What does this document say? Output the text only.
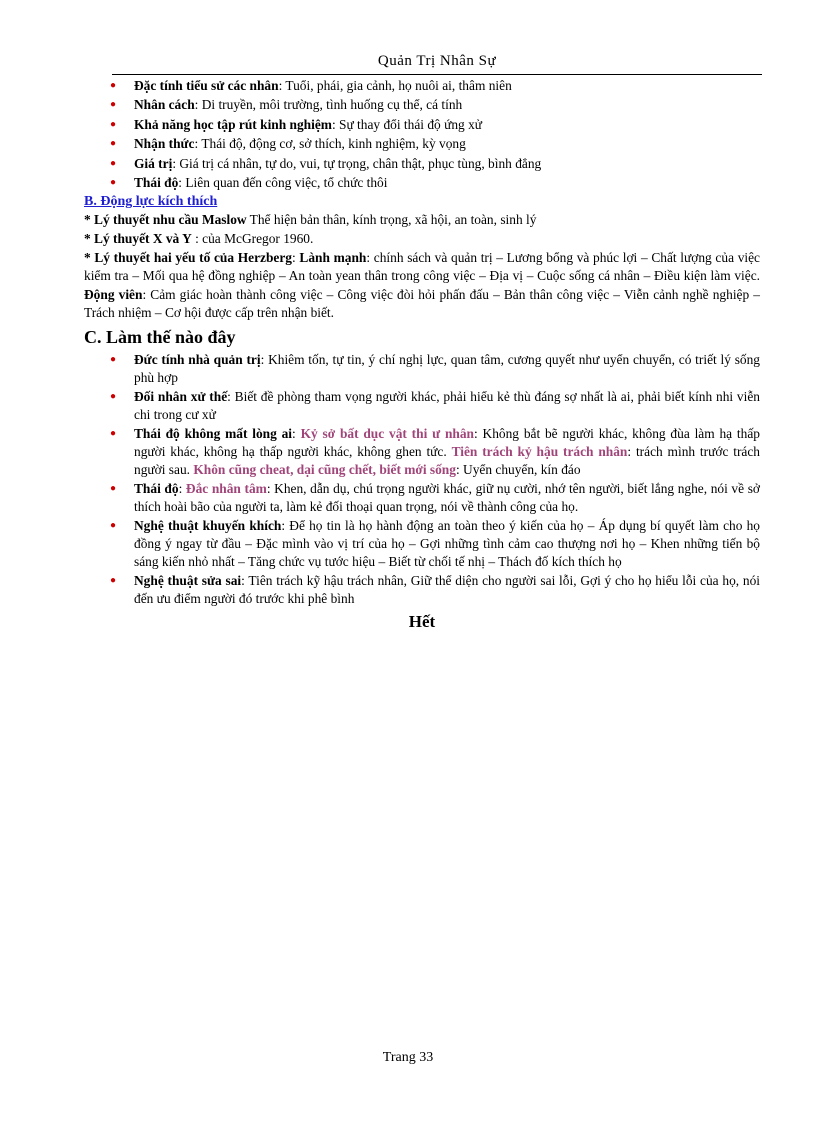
Quản Trị Nhân Sự
● Đặc tính tiểu sử các nhân: Tuổi, phái, gia cảnh, họ nuôi ai, thâm niên
● Nhân cách: Di truyền, môi trường, tình huống cụ thể, cá tính
● Khả năng học tập rút kinh nghiệm: Sự thay đổi thái độ ứng xử
● Nhận thức: Thái độ, động cơ, sở thích, kinh nghiệm, kỳ vọng
● Giá trị: Giá trị cá nhân, tự do, vui, tự trọng, chân thật, phục tùng, bình đẳng
● Thái độ: Liên quan đến công việc, tổ chức thôi
B. Động lực kích thích
* Lý thuyết nhu cầu Maslow Thể hiện bản thân, kính trọng, xã hội, an toàn, sinh lý
* Lý thuyết X và Y : của McGregor 1960.
* Lý thuyết hai yếu tố của Herzberg: Lành mạnh: chính sách và quản trị – Lương bổng và phúc lợi – Chất lượng của việc kiểm tra – Mối qua hệ đồng nghiệp – An toàn yean thân trong công việc – Địa vị – Cuộc sống cá nhân – Điều kiện làm việc. Động viên: Cảm giác hoàn thành công việc – Công việc đòi hỏi phấn đấu – Bản thân công việc – Viễn cảnh nghề nghiệp – Trách nhiệm – Cơ hội được cấp trên nhận biết.
C. Làm thế nào đây
● Đức tính nhà quản trị: Khiêm tốn, tự tin, ý chí nghị lực, quan tâm, cương quyết như uyển chuyển, có triết lý sống phù hợp
● Đối nhân xử thế: Biết đề phòng tham vọng người khác, phải hiểu kẻ thù đáng sợ nhất là ai, phải biết kính nhi viễn chi trong cư xử
● Thái độ không mất lòng ai: Kỷ sở bất dục vật thi ư nhân: Không bắt bẽ người khác, không đùa làm hạ thấp người khác, không hạ thấp người khác, không ghen tức. Tiên trách kỷ hậu trách nhân: trách mình trước trách người sau. Khôn cũng cheat, dại cũng chết, biết mới sống: Uyển chuyển, kín đáo
● Thái độ: Đắc nhân tâm: Khen, dẫn dụ, chú trọng người khác, giữ nụ cười, nhớ tên người, biết lắng nghe, nói về sở thích hoài bão của người ta, làm kẻ đối thoại quan trọng, nói về thành công của họ.
● Nghệ thuật khuyến khích: Để họ tin là họ hành động an toàn theo ý kiến của họ – Áp dụng bí quyết làm cho họ đồng ý ngay từ đầu – Đặc mình vào vị trí của họ – Gợi những tình cảm cao thượng nơi họ – Khen những tiến bộ sáng kiến nhỏ nhất – Tăng chức vụ tước hiệu – Biết từ chối tế nhị – Thách đố kích thích họ
● Nghệ thuật sửa sai: Tiên trách kỹ hậu trách nhân, Giữ thể diện cho người sai lỗi, Gợi ý cho họ hiểu lỗi của họ, nói đến ưu điểm người đó trước khi phê bình
Hết
Trang 33
